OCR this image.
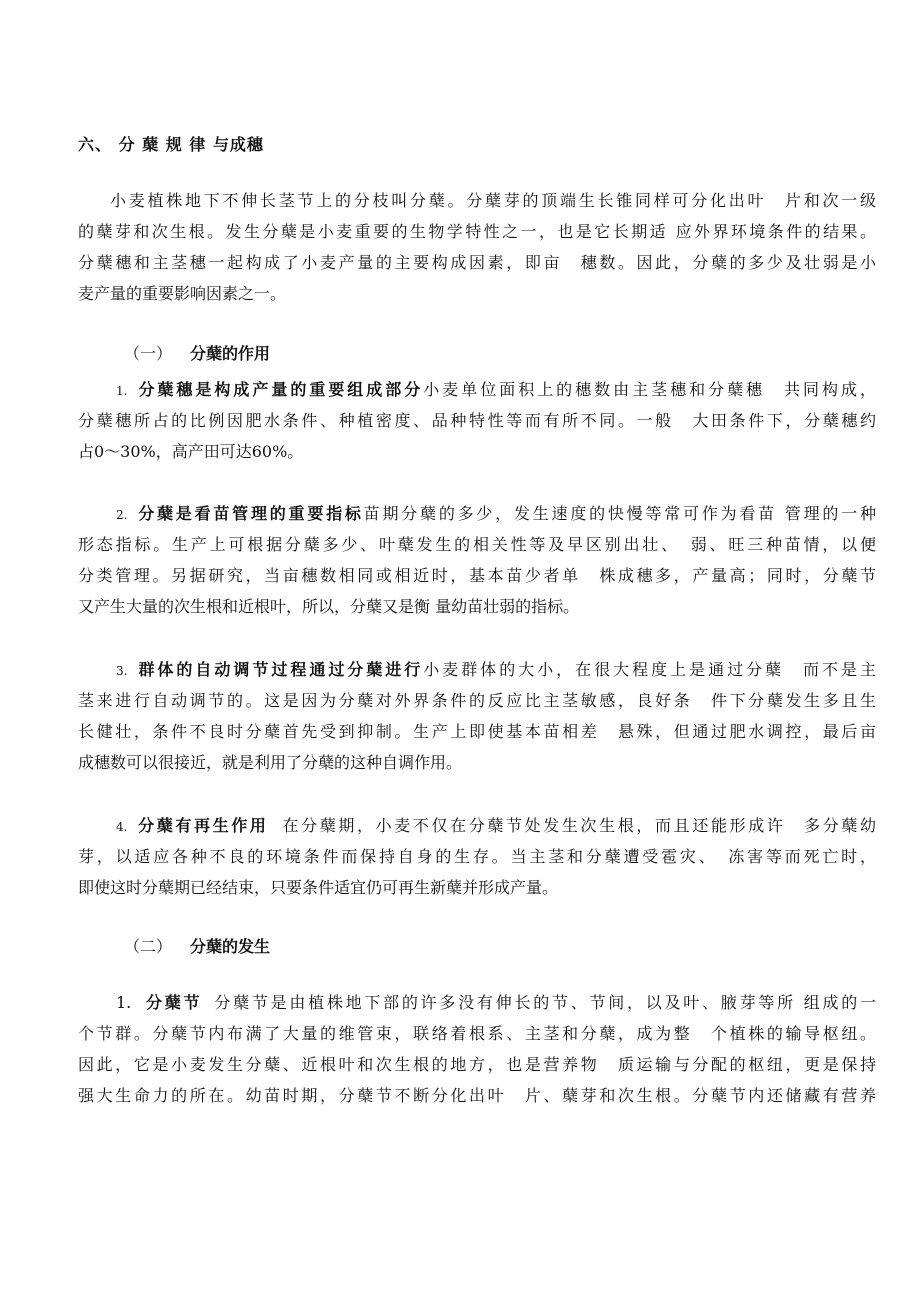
六、 分 蘖 规 律 与成穗
小麦植株地下不伸长茎节上的分枝叫分蘖。分蘖芽的顶端生长锥同样可分化出叶　片和次一级
的蘖芽和次生根。发生分蘖是小麦重要的生物学特性之一，也是它长期适 应外界环境条件的结果。
分蘖穗和主茎穗一起构成了小麦产量的主要构成因素，即亩　穗数。因此，分蘖的多少及壮弱是小
麦产量的重要影响因素之一。
（一） 分蘖的作用
1. 分蘖穗是构成产量的重要组成部分小麦单位面积上的穗数由主茎穗和分蘖穗　共同构成，
分蘖穗所占的比例因肥水条件、种植密度、品种特性等而有所不同。一般　大田条件下，分蘖穗约
占0〜30%，高产田可达60%。
2. 分蘖是看苗管理的重要指标苗期分蘖的多少，发生速度的快慢等常可作为看苗 管理的一种
形态指标。生产上可根据分蘖多少、叶蘖发生的相关性等及早区别出壮、　弱、旺三种苗情，以便
分类管理。另据研究，当亩穗数相同或相近时，基本苗少者单　株成穗多，产量高；同时，分蘖节
又产生大量的次生根和近根叶，所以，分蘖又是衡 量幼苗壮弱的指标。
3. 群体的自动调节过程通过分蘖进行小麦群体的大小，在很大程度上是通过分蘖　而不是主
茎来进行自动调节的。这是因为分蘖对外界条件的反应比主茎敏感，良好条　件下分蘖发生多且生
长健壮，条件不良时分蘖首先受到抑制。生产上即使基本苗相差　悬殊，但通过肥水调控，最后亩
成穗数可以很接近，就是利用了分蘖的这种自调作用。
4. 分蘖有再生作用 在分蘖期，小麦不仅在分蘖节处发生次生根，而且还能形成许　多分蘖幼
芽，以适应各种不良的环境条件而保持自身的生存。当主茎和分蘖遭受雹灾、　冻害等而死亡时，
即使这时分蘖期已经结束，只要条件适宜仍可再生新蘖并形成产量。
（二） 分蘖的发生
1. 分蘖节 分蘖节是由植株地下部的许多没有伸长的节、节间，以及叶、腋芽等所 组成的一
个节群。分蘖节内布满了大量的维管束，联络着根系、主茎和分蘖，成为整　个植株的输导枢纽。
因此，它是小麦发生分蘖、近根叶和次生根的地方，也是营养物　质运输与分配的枢纽，更是保持
强大生命力的所在。幼苗时期，分蘖节不断分化出叶　片、蘖芽和次生根。分蘖节内还储藏有营养
